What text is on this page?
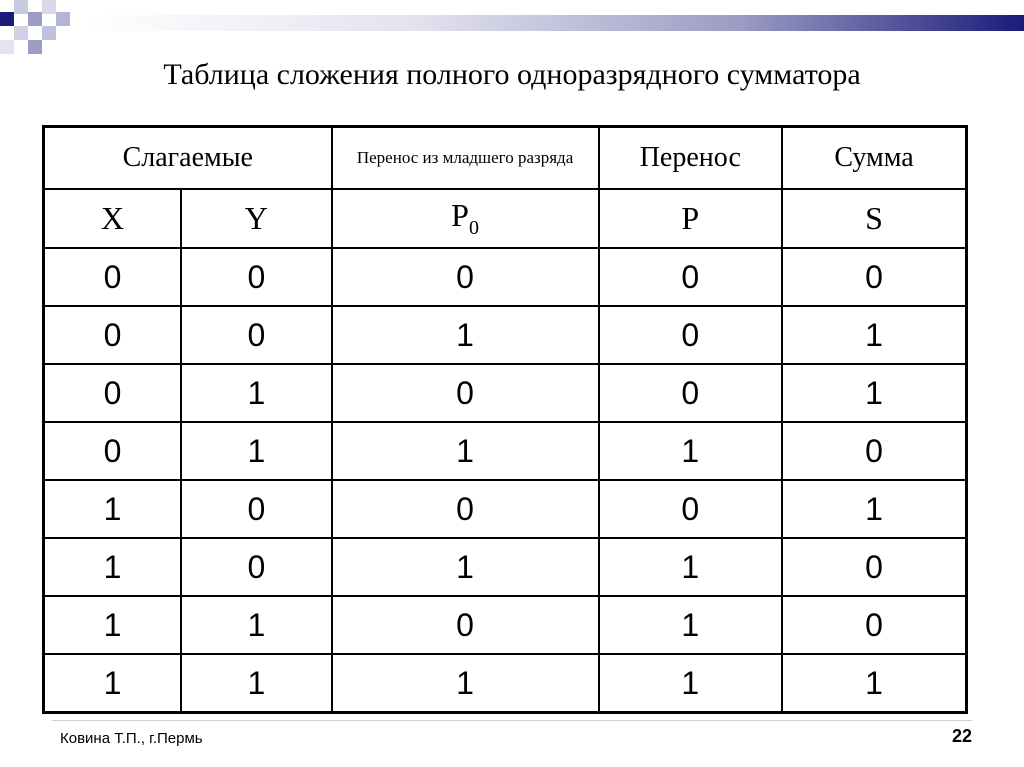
Таблица сложения полного одноразрядного сумматора
Слагаемые		Перенос из младшего разряда	Перенос	Сумма
X	Y	$P_0$	P	S
0	0	0	0	0
0	0	1	0	1
0	1	0	0	1
0	1	1	1	0
1	0	0	0	1
1	0	1	1	0
1	1	0	1	0
1	1	1	1	1
Ковина Т.П., г.Пермь	22
